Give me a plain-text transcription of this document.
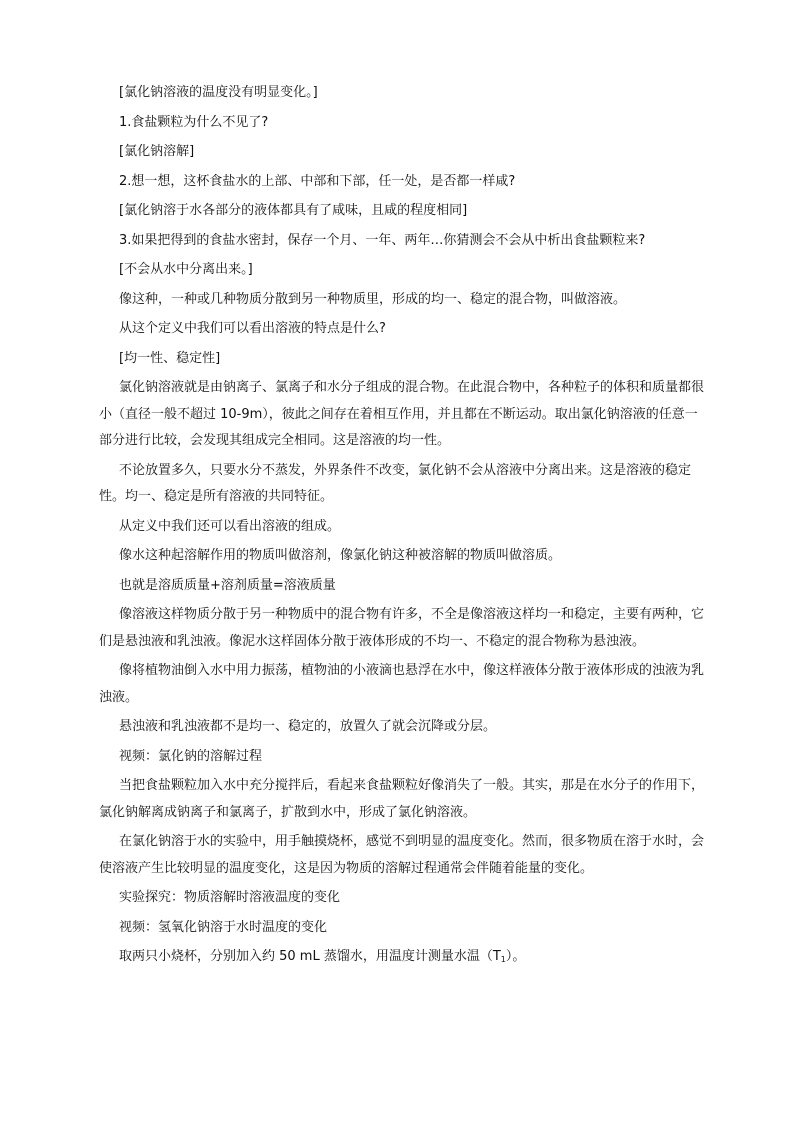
[氯化钠溶液的温度没有明显变化。]

1.食盐颗粒为什么不见了?

[氯化钠溶解]

2.想一想，这杯食盐水的上部、中部和下部，任一处，是否都一样咸?

[氯化钠溶于水各部分的液体都具有了咸味，且咸的程度相同]

3.如果把得到的食盐水密封，保存一个月、一年、两年…你猜测会不会从中析出食盐颗粒来?

[不会从水中分离出来。]

像这种，一种或几种物质分散到另一种物质里，形成的均一、稳定的混合物，叫做溶液。

从这个定义中我们可以看出溶液的特点是什么?

[均一性、稳定性]

氯化钠溶液就是由钠离子、氯离子和水分子组成的混合物。在此混合物中，各种粒子的体积和质量都很小（直径一般不超过 10-9m），彼此之间存在着相互作用，并且都在不断运动。取出氯化钠溶液的任意一部分进行比较，会发现其组成完全相同。这是溶液的均一性。

不论放置多久，只要水分不蒸发，外界条件不改变，氯化钠不会从溶液中分离出来。这是溶液的稳定性。均一、稳定是所有溶液的共同特征。

从定义中我们还可以看出溶液的组成。

像水这种起溶解作用的物质叫做溶剂，像氯化钠这种被溶解的物质叫做溶质。

也就是溶质质量+溶剂质量=溶液质量

像溶液这样物质分散于另一种物质中的混合物有许多，不全是像溶液这样均一和稳定，主要有两种，它们是悬浊液和乳浊液。像泥水这样固体分散于液体形成的不均一、不稳定的混合物称为悬浊液。

像将植物油倒入水中用力振荡，植物油的小液滴也悬浮在水中，像这样液体分散于液体形成的浊液为乳浊液。

悬浊液和乳浊液都不是均一、稳定的，放置久了就会沉降或分层。

视频：氯化钠的溶解过程

当把食盐颗粒加入水中充分搅拌后，看起来食盐颗粒好像消失了一般。其实，那是在水分子的作用下，氯化钠解离成钠离子和氯离子，扩散到水中，形成了氯化钠溶液。

在氯化钠溶于水的实验中，用手触摸烧杯，感觉不到明显的温度变化。然而，很多物质在溶于水时，会使溶液产生比较明显的温度变化，这是因为物质的溶解过程通常会伴随着能量的变化。

实验探究：物质溶解时溶液温度的变化

视频：氢氧化钠溶于水时温度的变化

取两只小烧杯，分别加入约 50 mL 蒸馏水，用温度计测量水温$(T_1)$。
